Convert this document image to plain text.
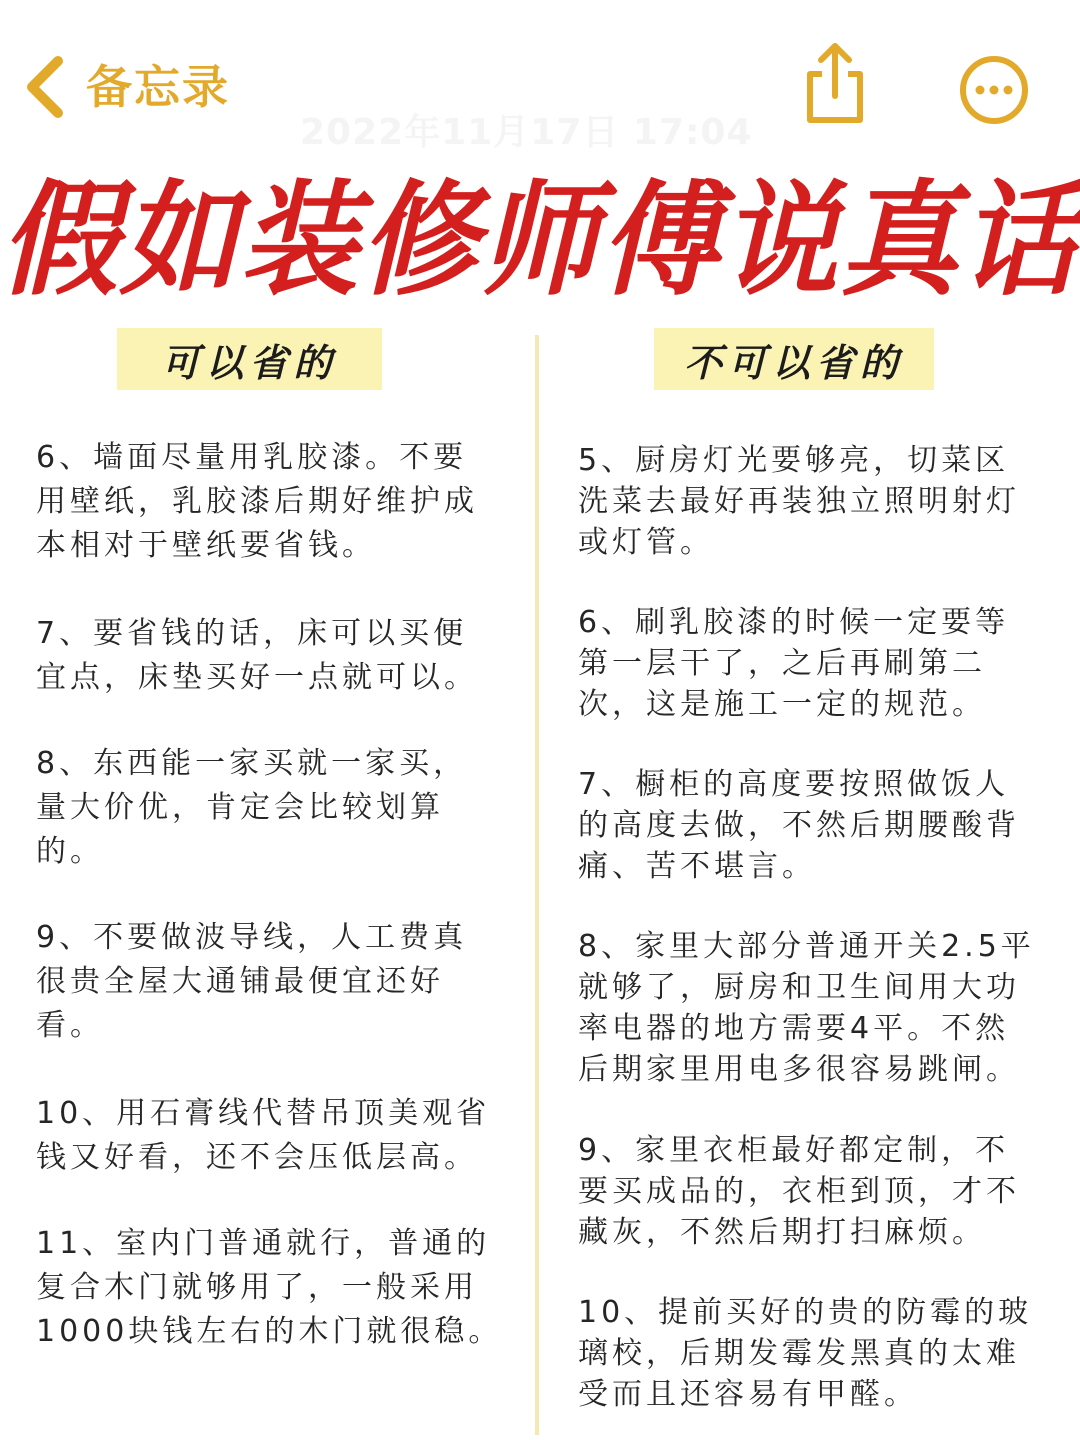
备忘录
2022年11月17日 17:04
假如装修师傅说真话
可以省的	不可以省的
6、墙面尽量用乳胶漆。不要
用壁纸，乳胶漆后期好维护成
本相对于壁纸要省钱。
7、要省钱的话，床可以买便
宜点，床垫买好一点就可以。
8、东西能一家买就一家买，
量大价优，肯定会比较划算
的。
9、不要做波导线，人工费真
很贵全屋大通铺最便宜还好
看。
10、用石膏线代替吊顶美观省
钱又好看，还不会压低层高。
11、室内门普通就行，普通的
复合木门就够用了，一般采用
1000块钱左右的木门就很稳。
5、厨房灯光要够亮，切菜区
洗菜去最好再装独立照明射灯
或灯管。
6、刷乳胶漆的时候一定要等
第一层干了，之后再刷第二
次，这是施工一定的规范。
7、橱柜的高度要按照做饭人
的高度去做，不然后期腰酸背
痛、苦不堪言。
8、家里大部分普通开关2.5平
就够了，厨房和卫生间用大功
率电器的地方需要4平。不然
后期家里用电多很容易跳闸。
9、家里衣柜最好都定制，不
要买成品的，衣柜到顶，才不
藏灰，不然后期打扫麻烦。
10、提前买好的贵的防霉的玻
璃校，后期发霉发黑真的太难
受而且还容易有甲醛。
